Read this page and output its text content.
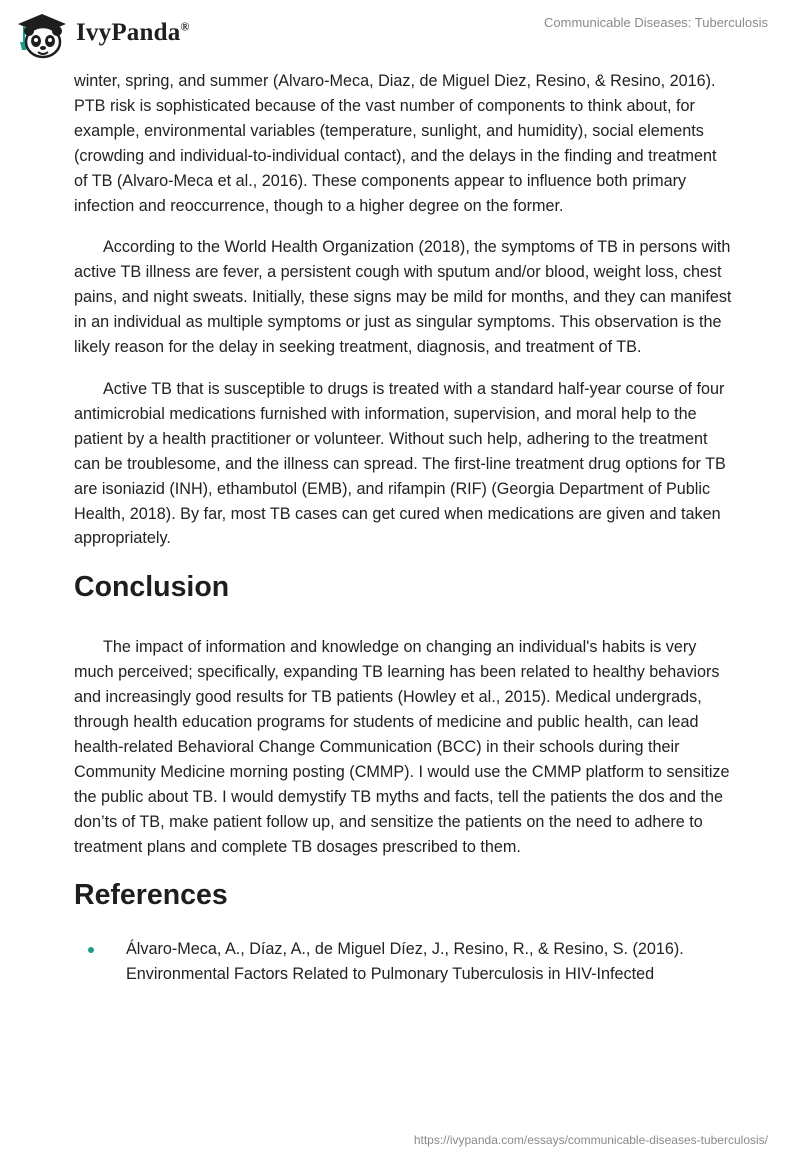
IvyPanda®	Communicable Diseases: Tuberculosis

winter, spring, and summer (Alvaro-Meca, Diaz, de Miguel Diez, Resino, & Resino, 2016). PTB risk is sophisticated because of the vast number of components to think about, for example, environmental variables (temperature, sunlight, and humidity), social elements (crowding and individual-to-individual contact), and the delays in the finding and treatment of TB (Alvaro-Meca et al., 2016). These components appear to influence both primary infection and reoccurrence, though to a higher degree on the former.

According to the World Health Organization (2018), the symptoms of TB in persons with active TB illness are fever, a persistent cough with sputum and/or blood, weight loss, chest pains, and night sweats. Initially, these signs may be mild for months, and they can manifest in an individual as multiple symptoms or just as singular symptoms. This observation is the likely reason for the delay in seeking treatment, diagnosis, and treatment of TB.

Active TB that is susceptible to drugs is treated with a standard half-year course of four antimicrobial medications furnished with information, supervision, and moral help to the patient by a health practitioner or volunteer. Without such help, adhering to the treatment can be troublesome, and the illness can spread. The first-line treatment drug options for TB are isoniazid (INH), ethambutol (EMB), and rifampin (RIF) (Georgia Department of Public Health, 2018). By far, most TB cases can get cured when medications are given and taken appropriately.

Conclusion

The impact of information and knowledge on changing an individual's habits is very much perceived; specifically, expanding TB learning has been related to healthy behaviors and increasingly good results for TB patients (Howley et al., 2015). Medical undergrads, through health education programs for students of medicine and public health, can lead health-related Behavioral Change Communication (BCC) in their schools during their Community Medicine morning posting (CMMP). I would use the CMMP platform to sensitize the public about TB. I would demystify TB myths and facts, tell the patients the dos and the don’ts of TB, make patient follow up, and sensitize the patients on the need to adhere to treatment plans and complete TB dosages prescribed to them.

References
Álvaro-Meca, A., Díaz, A., de Miguel Díez, J., Resino, R., & Resino, S. (2016). Environmental Factors Related to Pulmonary Tuberculosis in HIV-Infected
https://ivypanda.com/essays/communicable-diseases-tuberculosis/
